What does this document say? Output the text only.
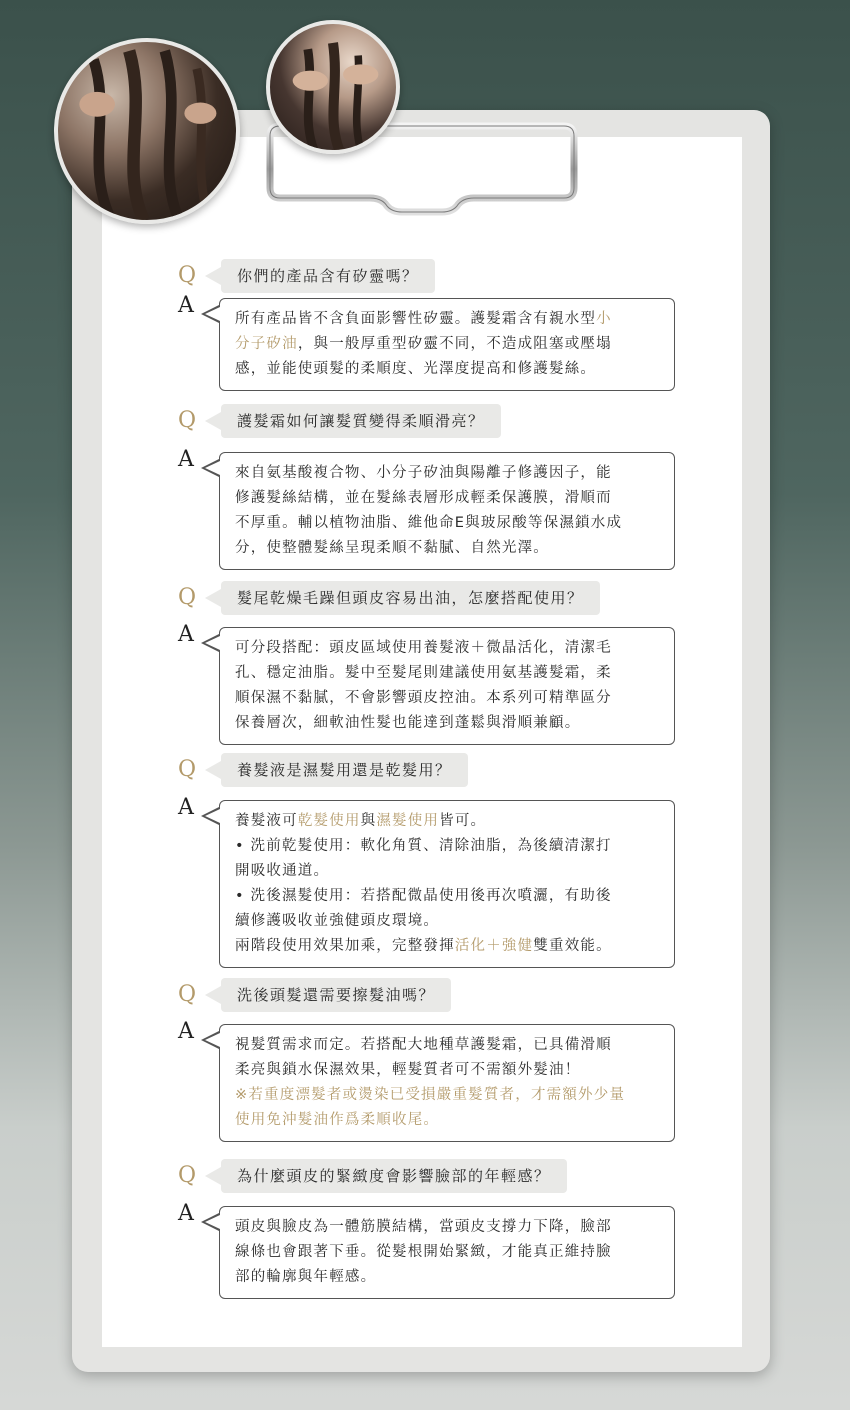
Q	你們的產品含有矽靈嗎？
A
所有產品皆不含負面影響性矽靈。護髮霜含有親水型小
分子矽油，與一般厚重型矽靈不同，不造成阻塞或壓塌
感，並能使頭髮的柔順度、光澤度提高和修護髮絲。
Q	護髮霜如何讓髮質變得柔順滑亮？
A
來自氨基酸複合物、小分子矽油與陽離子修護因子，能
修護髮絲結構，並在髮絲表層形成輕柔保護膜，滑順而
不厚重。輔以植物油脂、維他命E與玻尿酸等保濕鎖水成
分，使整體髮絲呈現柔順不黏膩、自然光澤。
Q	髮尾乾燥毛躁但頭皮容易出油，怎麼搭配使用？
A
可分段搭配：頭皮區域使用養髮液＋微晶活化，清潔毛
孔、穩定油脂。髮中至髮尾則建議使用氨基護髮霜，柔
順保濕不黏膩，不會影響頭皮控油。本系列可精準區分
保養層次，細軟油性髮也能達到蓬鬆與滑順兼顧。
Q	養髮液是濕髮用還是乾髮用？
A
養髮液可乾髮使用與濕髮使用皆可。
• 洗前乾髮使用：軟化角質、清除油脂，為後續清潔打
開吸收通道。
• 洗後濕髮使用：若搭配微晶使用後再次噴灑，有助後
續修護吸收並強健頭皮環境。
兩階段使用效果加乘，完整發揮活化＋強健雙重效能。
Q	洗後頭髮還需要擦髮油嗎？
A
視髮質需求而定。若搭配大地種草護髮霜，已具備滑順
柔亮與鎖水保濕效果，輕髮質者可不需額外髮油！
※若重度漂髮者或燙染已受損嚴重髮質者，才需額外少量
使用免沖髮油作爲柔順收尾。
Q	為什麼頭皮的緊緻度會影響臉部的年輕感？
A
頭皮與臉皮為一體筋膜結構，當頭皮支撐力下降，臉部
線條也會跟著下垂。從髮根開始緊緻，才能真正維持臉
部的輪廓與年輕感。
